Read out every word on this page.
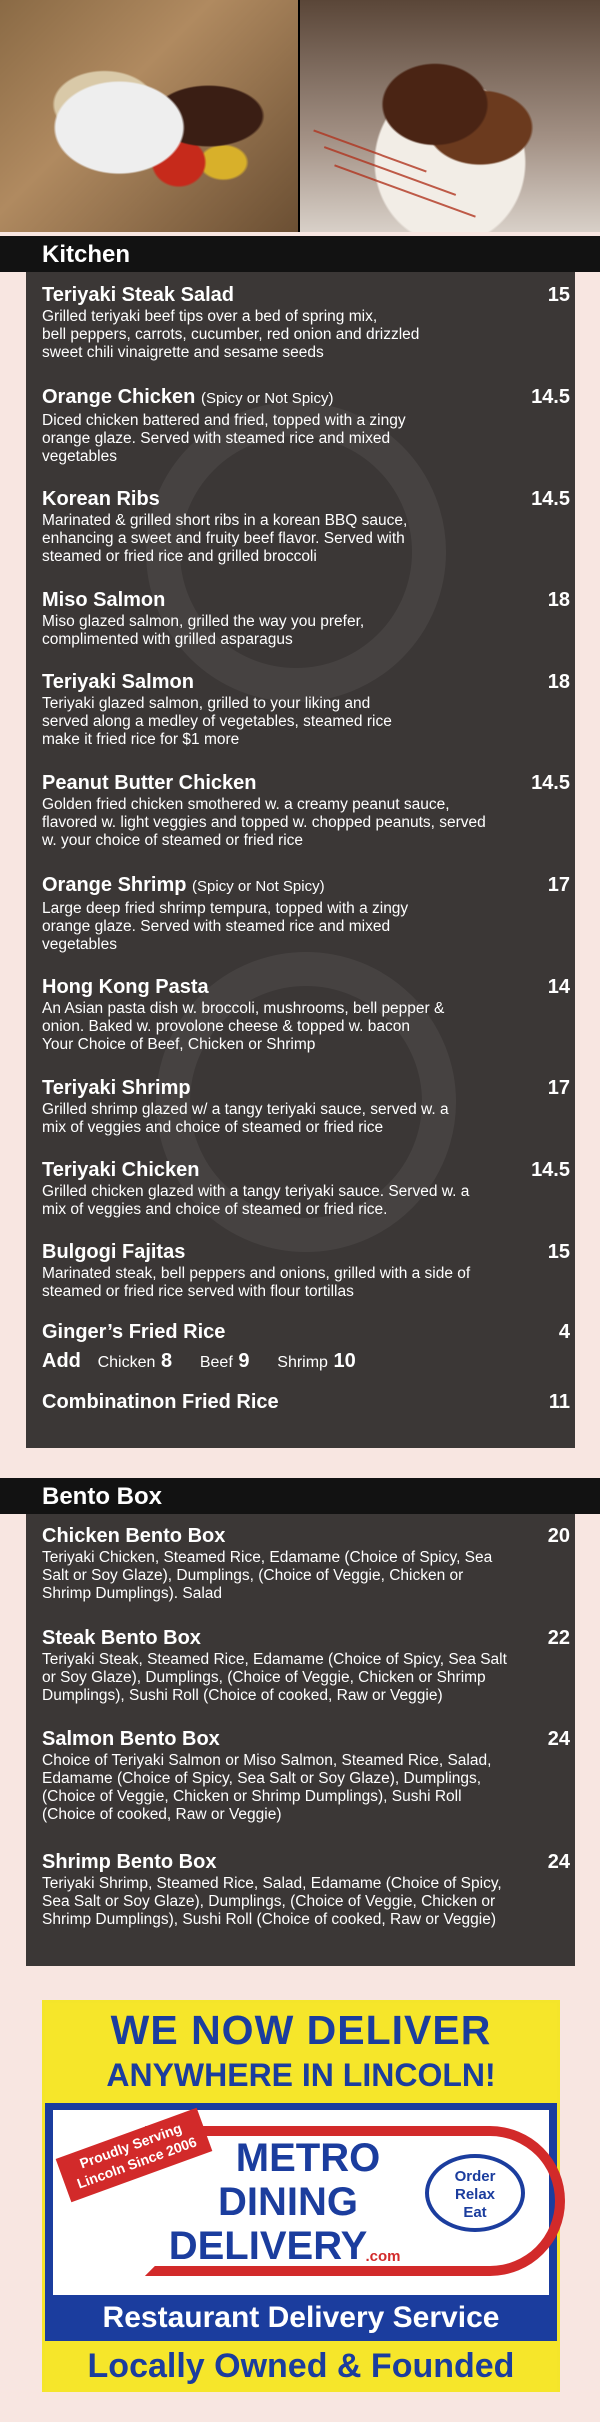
Kitchen
Teriyaki Steak Salad
Grilled teriyaki beef tips over a bed of spring mix,
bell peppers, carrots, cucumber, red onion and drizzled
sweet chili vinaigrette and sesame seeds
15
Orange Chicken (Spicy or Not Spicy)
Diced chicken battered and fried, topped with a zingy
orange glaze. Served with steamed rice and mixed
vegetables
14.5
Korean Ribs
Marinated & grilled short ribs in a korean BBQ sauce,
enhancing a sweet and fruity beef flavor. Served with
steamed or fried rice and grilled broccoli
14.5
Miso Salmon
Miso glazed salmon, grilled the way you prefer,
complimented with grilled asparagus
18
Teriyaki Salmon
Teriyaki glazed salmon, grilled to your liking and
served along a medley of vegetables, steamed rice
make it fried rice for $1 more
18
Peanut Butter Chicken
Golden fried chicken smothered w. a creamy peanut sauce,
flavored w. light veggies and topped w. chopped peanuts, served
w. your choice of steamed or fried rice
14.5
Orange Shrimp (Spicy or Not Spicy)
Large deep fried shrimp tempura, topped with a zingy
orange glaze. Served with steamed rice and mixed
vegetables
17
Hong Kong Pasta
An Asian pasta dish w. broccoli, mushrooms, bell pepper &
onion. Baked w. provolone cheese & topped w. bacon
Your Choice of Beef, Chicken or Shrimp
14
Teriyaki Shrimp
Grilled shrimp glazed w/ a tangy teriyaki sauce, served w. a
mix of veggies and choice of steamed or fried rice
17
Teriyaki Chicken
Grilled chicken glazed with a tangy teriyaki sauce. Served w. a
mix of veggies and choice of steamed or fried rice.
14.5
Bulgogi Fajitas
Marinated steak, bell peppers and onions, grilled with a side of
steamed or fried rice served with flour tortillas
15
Ginger’s Fried Rice	4
Combinatinon Fried Rice	11
Add Chicken 8 Beef 9 Shrimp 10
Bento Box
Chicken Bento Box
Teriyaki Chicken, Steamed Rice, Edamame (Choice of Spicy, Sea
Salt or Soy Glaze), Dumplings, (Choice of Veggie, Chicken or
Shrimp Dumplings). Salad
20
Steak Bento Box
Teriyaki Steak, Steamed Rice, Edamame (Choice of Spicy, Sea Salt
or Soy Glaze), Dumplings, (Choice of Veggie, Chicken or Shrimp
Dumplings), Sushi Roll (Choice of cooked, Raw or Veggie)
22
Salmon Bento Box
Choice of Teriyaki Salmon or Miso Salmon, Steamed Rice, Salad,
Edamame (Choice of Spicy, Sea Salt or Soy Glaze), Dumplings,
(Choice of Veggie, Chicken or Shrimp Dumplings), Sushi Roll
(Choice of cooked, Raw or Veggie)
24
Shrimp Bento Box
Teriyaki Shrimp, Steamed Rice, Salad, Edamame (Choice of Spicy,
Sea Salt or Soy Glaze), Dumplings, (Choice of Veggie, Chicken or
Shrimp Dumplings), Sushi Roll (Choice of cooked, Raw or Veggie)
24
WE NOW DELIVER
ANYWHERE IN LINCOLN!
METRO
DINING
DELIVERY
.com
Order
Relax
Eat
Proudly Serving Lincoln Since 2006
Restaurant Delivery Service
Locally Owned & Founded
